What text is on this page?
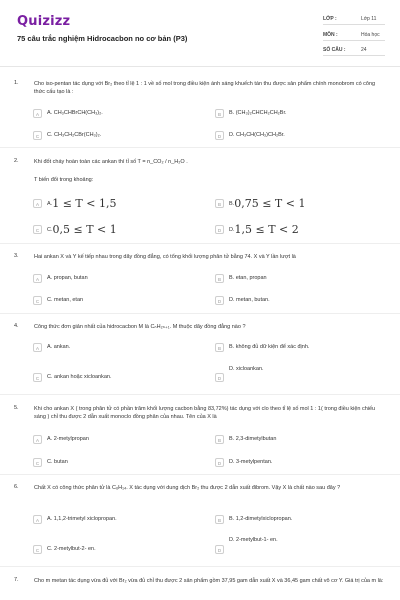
Quizizz
75 câu trắc nghiệm Hidrocacbon no cơ bản (P3)
LỚP :	Lớp 11
MÔN :	Hóa học
SỐ CÂU :	24
1.	Cho iso-pentan tác dụng với Br₂ theo tỉ lệ 1 : 1 về số mol trong điều kiện ánh sáng khuếch tán thu được sản phẩm chính monobrom có công thức cấu tạo là :
A	A. CH₃CHBrCH(CH₃)₂.	B	B. (CH₃)₂CHCH₂CH₂Br.
C	C. CH₃CH₂CBr(CH₃)₂.	D	D. CH₃CH(CH₃)CH₂Br.
2.	Khi đốt cháy hoàn toàn các ankan thì tỉ số T = n_CO₂ / n_H₂O .
T biến đổi trong khoảng:
A	A.1 ≤ T < 1,5	B	B.0,75 ≤ T < 1
C	C.0,5 ≤ T < 1	D	D.1,5 ≤ T < 2
3.	Hai ankan X và Y kế tiếp nhau trong dãy đồng đẳng, có tổng khối lượng phân tử bằng 74. X và Y lần lượt là
A	A. propan, butan	B	B. etan, propan
C	C. metan, etan	D	D. metan, butan.
4.	Công thức đơn giản nhất của hidrocacbon M là CₙH₂ₙ₊₁. M thuộc dãy đồng đẳng nào ?
A	A. ankan.	B	B. không đủ dữ kiện để xác định.
D. xicloankan.
C	C. ankan hoặc xicloankan.	D
5.	Khi cho ankan X ( trong phân tử có phần trăm khối lượng cacbon bằng 83,72%) tác dụng với clo theo tỉ lệ số mol 1 : 1( trong điều kiện chiếu sáng ) chỉ thu được 2 dẫn xuất monoclo đồng phân của nhau. Tên của X là
A	A. 2-metylpropan	B	B. 2,3-dimetylbutan
C	C. butan	D	D. 3-metylpentan.
6.	Chất X có công thức phân tử là C₆H₁₄. X tác dụng với dung dịch Br₂ thu được 2 dẫn xuất đibrom. Vậy X là chất nào sau đây ?
A	A. 1,1,2-trimetyl xiclopropan.	B	B. 1,2-dimetylxiclopropan.
D. 2-metylbut-1- en.
C	C. 2-metylbut-2- en.	D
7.	Cho m metan tác dụng vừa đủ với Br₂ vừa đủ chỉ thu được 2 sản phẩm gồm 37,95 gam dẫn xuất X và 36,45 gam chất vô cơ Y. Giá trị của m là:
